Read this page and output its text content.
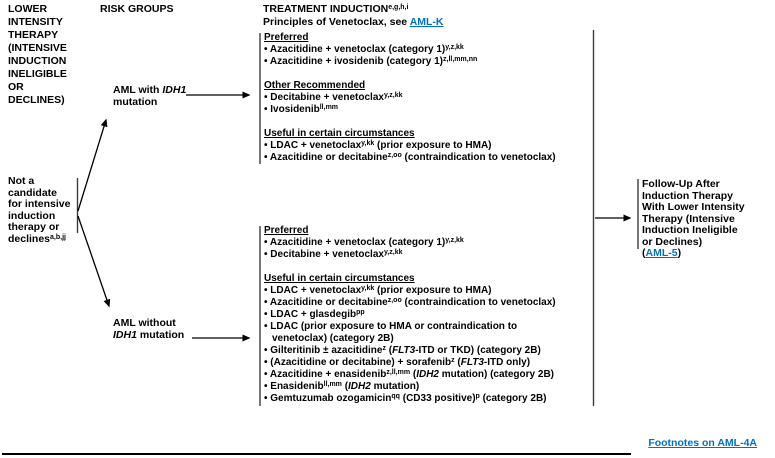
LOWER
INTENSITY
THERAPY
(INTENSIVE
INDUCTION
INELIGIBLE
OR
DECLINES)
RISK GROUPS	TREATMENT INDUCTION$^{e,g,h,i}$
Principles of Venetoclax, see AML-K
Not a
candidate
for intensive
induction
therapy or
declines$^{a,b,jj}$
AML with IDH1
mutation
AML without
IDH1 mutation
Preferred
• Azacitidine + venetoclax (category 1)$^{y,z,kk}$
• Azacitidine + ivosidenib (category 1)$^{z,ll,mm,nn}$
Other Recommended
• Decitabine + venetoclax$^{y,z,kk}$
• Ivosidenib$^{ll,mm}$
Useful in certain circumstances
• LDAC + venetoclax$^{y,kk}$ (prior exposure to HMA)
• Azacitidine or decitabine$^{z,oo}$ (contraindication to venetoclax)
Preferred
• Azacitidine + venetoclax (category 1)$^{y,z,kk}$
• Decitabine + venetoclax$^{y,z,kk}$
Useful in certain circumstances
• LDAC + venetoclax$^{y,kk}$ (prior exposure to HMA)
• Azacitidine or decitabine$^{z,oo}$ (contraindication to venetoclax)
• LDAC + glasdegib$^{pp}$
• LDAC (prior exposure to HMA or contraindication to
venetoclax) (category 2B)
• Gilteritinib ± azacitidine$^z$ (FLT3-ITD or TKD) (category 2B)
• (Azacitidine or decitabine) + sorafenib$^z$ (FLT3-ITD only)
• Azacitidine + enasidenib$^{z,ll,mm}$ (IDH2 mutation) (category 2B)
• Enasidenib$^{ll,mm}$ (IDH2 mutation)
• Gemtuzumab ozogamicin$^{qq}$ (CD33 positive)$^p$ (category 2B)
Follow-Up After
Induction Therapy
With Lower Intensity
Therapy (Intensive
Induction Ineligible
or Declines)
(AML-5)
Footnotes on AML-4A
